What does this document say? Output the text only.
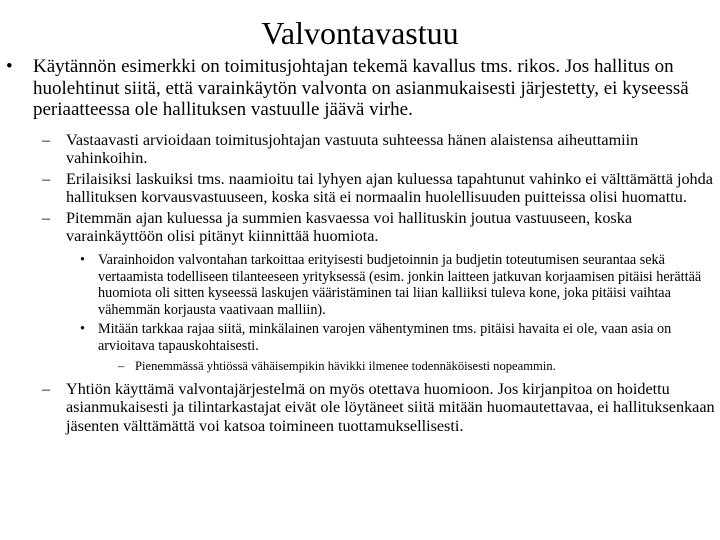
Valvontavastuu
• Käytännön esimerkki on toimitusjohtajan tekemä kavallus tms. rikos. Jos hallitus on huolehtinut siitä, että varainkäytön valvonta on asianmukaisesti järjestetty, ei kyseessä periaatteessa ole hallituksen vastuulle jäävä virhe.
– Vastaavasti arvioidaan toimitusjohtajan vastuuta suhteessa hänen alaistensa aiheuttamiin vahinkoihin.
– Erilaisiksi laskuiksi tms. naamioitu tai lyhyen ajan kuluessa tapahtunut vahinko ei välttämättä johda hallituksen korvausvastuuseen, koska sitä ei normaalin huolellisuuden puitteissa olisi huomattu.
– Pitemmän ajan kuluessa ja summien kasvaessa voi hallituskin joutua vastuuseen, koska varainkäyttöön olisi pitänyt kiinnittää huomiota.
• Varainhoidon valvontahan tarkoittaa erityisesti budjetoinnin ja budjetin toteutumisen seurantaa sekä vertaamista todelliseen tilanteeseen yrityksessä (esim. jonkin laitteen jatkuvan korjaamisen pitäisi herättää huomiota oli sitten kyseessä laskujen vääristäminen tai liian kalliiksi tuleva kone, joka pitäisi vaihtaa vähemmän korjausta vaativaan malliin).
• Mitään tarkkaa rajaa siitä, minkälainen varojen vähentyminen tms. pitäisi havaita ei ole, vaan asia on arvioitava tapauskohtaisesti.
– Pienemmässä yhtiössä vähäisempikin hävikki ilmenee todennäköisesti nopeammin.
– Yhtiön käyttämä valvontajärjestelmä on myös otettava huomioon. Jos kirjanpitoa on hoidettu asianmukaisesti ja tilintarkastajat eivät ole löytäneet siitä mitään huomautettavaa, ei hallituksenkaan jäsenten välttämättä voi katsoa toimineen tuottamuksellisesti.
